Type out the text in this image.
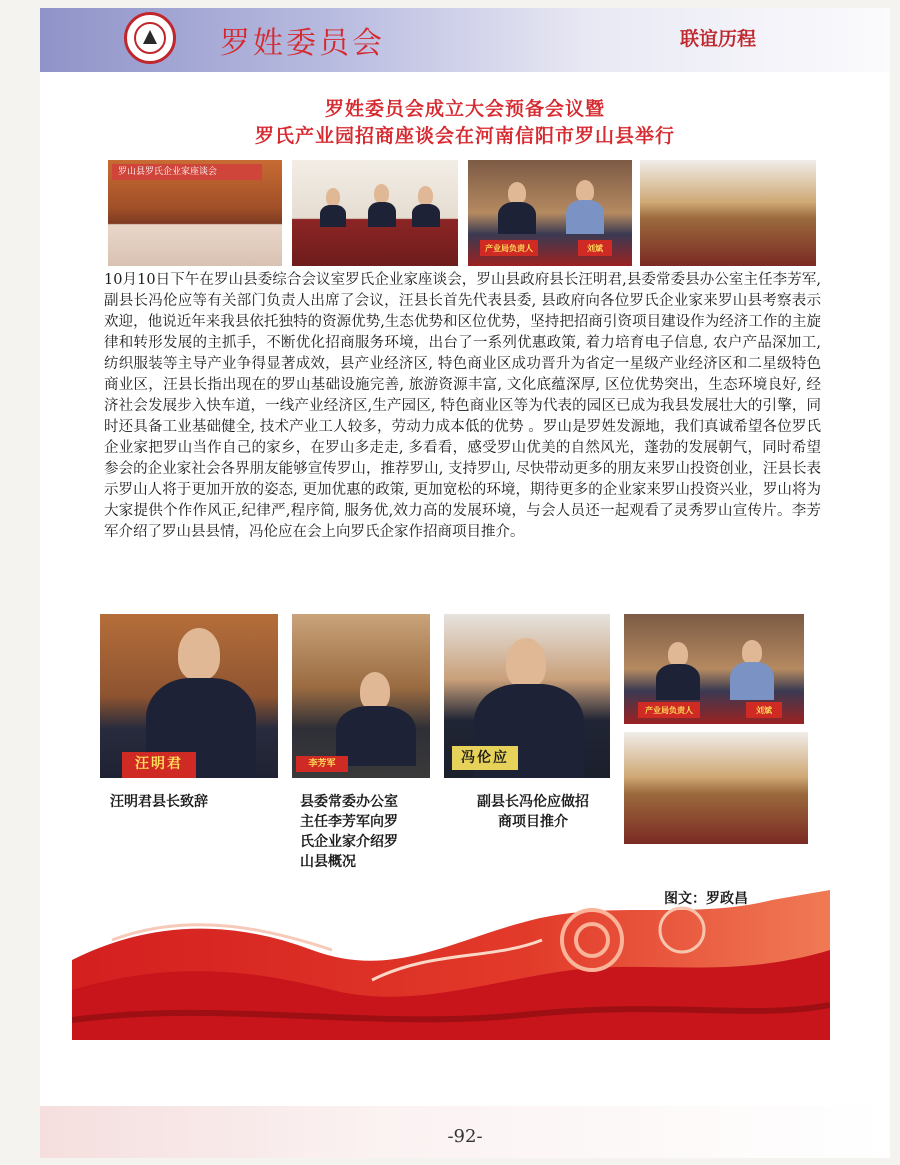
罗姓委员会	联谊历程
罗姓委员会成立大会预备会议暨
罗氏产业园招商座谈会在河南信阳市罗山县举行
罗山县罗氏企业家座谈会
产业局负责人	刘斌
10月10日下午在罗山县委综合会议室罗氏企业家座谈会，罗山县政府县长汪明君,县委常委县办公室主任李芳军,副县长冯伦应等有关部门负责人出席了会议，汪县长首先代表县委, 县政府向各位罗氏企业家来罗山县考察表示欢迎，他说近年来我县依托独特的资源优势,生态优势和区位优势，坚持把招商引资项目建设作为经济工作的主旋律和转形发展的主抓手，不断优化招商服务环境，出台了一系列优惠政策, 着力培育电子信息, 农户产品深加工, 纺织服装等主导产业争得显著成效，县产业经济区, 特色商业区成功晋升为省定一星级产业经济区和二星级特色商业区，汪县长指出现在的罗山基础设施完善, 旅游资源丰富, 文化底蕴深厚, 区位优势突出，生态环境良好, 经济社会发展步入快车道，一线产业经济区,生产园区, 特色商业区等为代表的园区已成为我县发展壮大的引擎，同时还具备工业基础健全, 技术产业工人较多，劳动力成本低的优势 。罗山是罗姓发源地，我们真诚希望各位罗氏企业家把罗山当作自己的家乡，在罗山多走走, 多看看，感受罗山优美的自然风光，蓬勃的发展朝气，同时希望参会的企业家社会各界朋友能够宣传罗山，推荐罗山, 支持罗山, 尽快带动更多的朋友来罗山投资创业，汪县长表示罗山人将于更加开放的姿态, 更加优惠的政策, 更加宽松的环境，期待更多的企业家来罗山投资兴业，罗山将为大家提供个作作风正,纪律严,程序简, 服务优,效力高的发展环境，与会人员还一起观看了灵秀罗山宣传片。李芳军介绍了罗山县县情，冯伦应在会上向罗氏企家作招商项目推介。
汪明君	李芳军	冯伦应
产业局负责人	刘斌
汪明君县长致辞	县委常委办公室
主任李芳军向罗
氏企业家介绍罗
山县概况
副县长冯伦应做招
商项目推介
图文：罗政昌
-92-
